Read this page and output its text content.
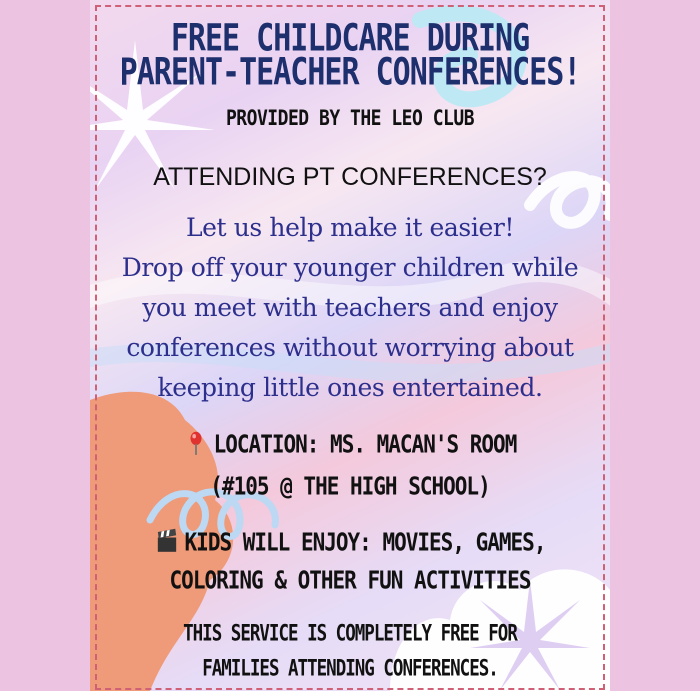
FREE CHILDCARE DURING
PARENT-TEACHER CONFERENCES!
PROVIDED BY THE LEO CLUB
ATTENDING PT CONFERENCES?
Let us help make it easier!
Drop off your younger children while
you meet with teachers and enjoy
conferences without worrying about
keeping little ones entertained.
LOCATION: MS. MACAN'S ROOM
(#105 @ THE HIGH SCHOOL)
KIDS WILL ENJOY: MOVIES, GAMES,
COLORING & OTHER FUN ACTIVITIES
THIS SERVICE IS COMPLETELY FREE FOR
FAMILIES ATTENDING CONFERENCES.
